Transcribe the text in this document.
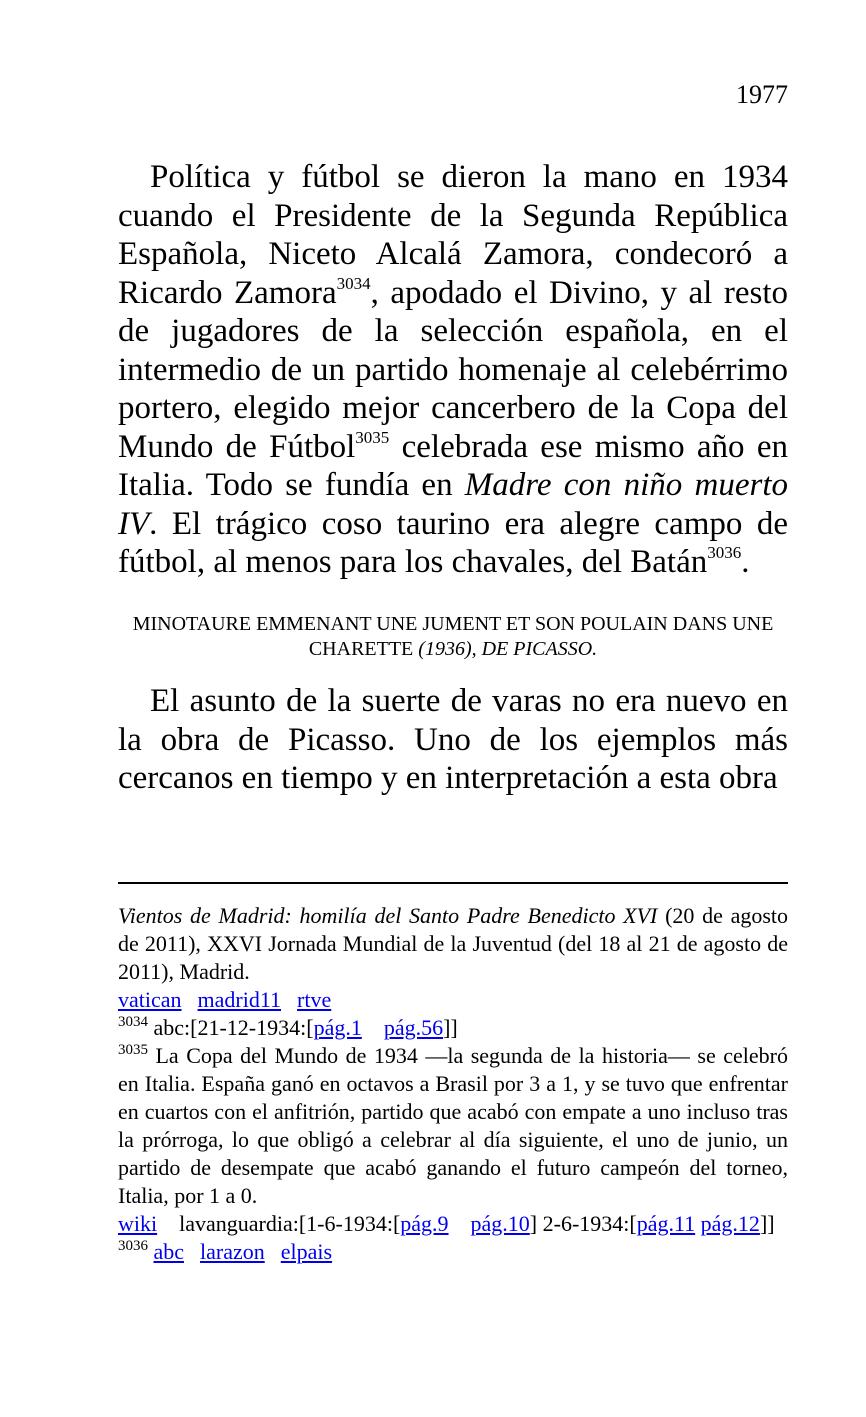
1977

Política y fútbol se dieron la mano en 1934 cuando el Presidente de la Segunda República Española, Niceto Alcalá Zamora, condecoró a Ricardo Zamora$^{3034}$, apodado el Divino, y al resto de jugadores de la selección española, en el intermedio de un partido homenaje al celebérrimo portero, elegido mejor cancerbero de la Copa del Mundo de Fútbol$^{3035}$ celebrada ese mismo año en Italia. Todo se fundía en Madre con niño muerto IV. El trágico coso taurino era alegre campo de fútbol, al menos para los chavales, del Batán$^{3036}$.

MINOTAURE EMMENANT UNE JUMENT ET SON POULAIN DANS UNE CHARETTE (1936), DE PICASSO.

El asunto de la suerte de varas no era nuevo en la obra de Picasso. Uno de los ejemplos más cercanos en tiempo y en interpretación a esta obra

Vientos de Madrid: homilía del Santo Padre Benedicto XVI (20 de agosto de 2011), XXVI Jornada Mundial de la Juventud (del 18 al 21 de agosto de 2011), Madrid.

vatican madrid11 rtve

$^{3034}$ abc:[21-12-1934:[pág.1 pág.56]]

$^{3035}$ La Copa del Mundo de 1934 —la segunda de la historia— se celebró en Italia. España ganó en octavos a Brasil por 3 a 1, y se tuvo que enfrentar en cuartos con el anfitrión, partido que acabó con empate a uno incluso tras la prórroga, lo que obligó a celebrar al día siguiente, el uno de junio, un partido de desempate que acabó ganando el futuro campeón del torneo, Italia, por 1 a 0.

wiki lavanguardia:[1-6-1934:[pág.9 pág.10] 2-6-1934:[pág.11 pág.12]]

$^{3036}$ abc larazon elpais
